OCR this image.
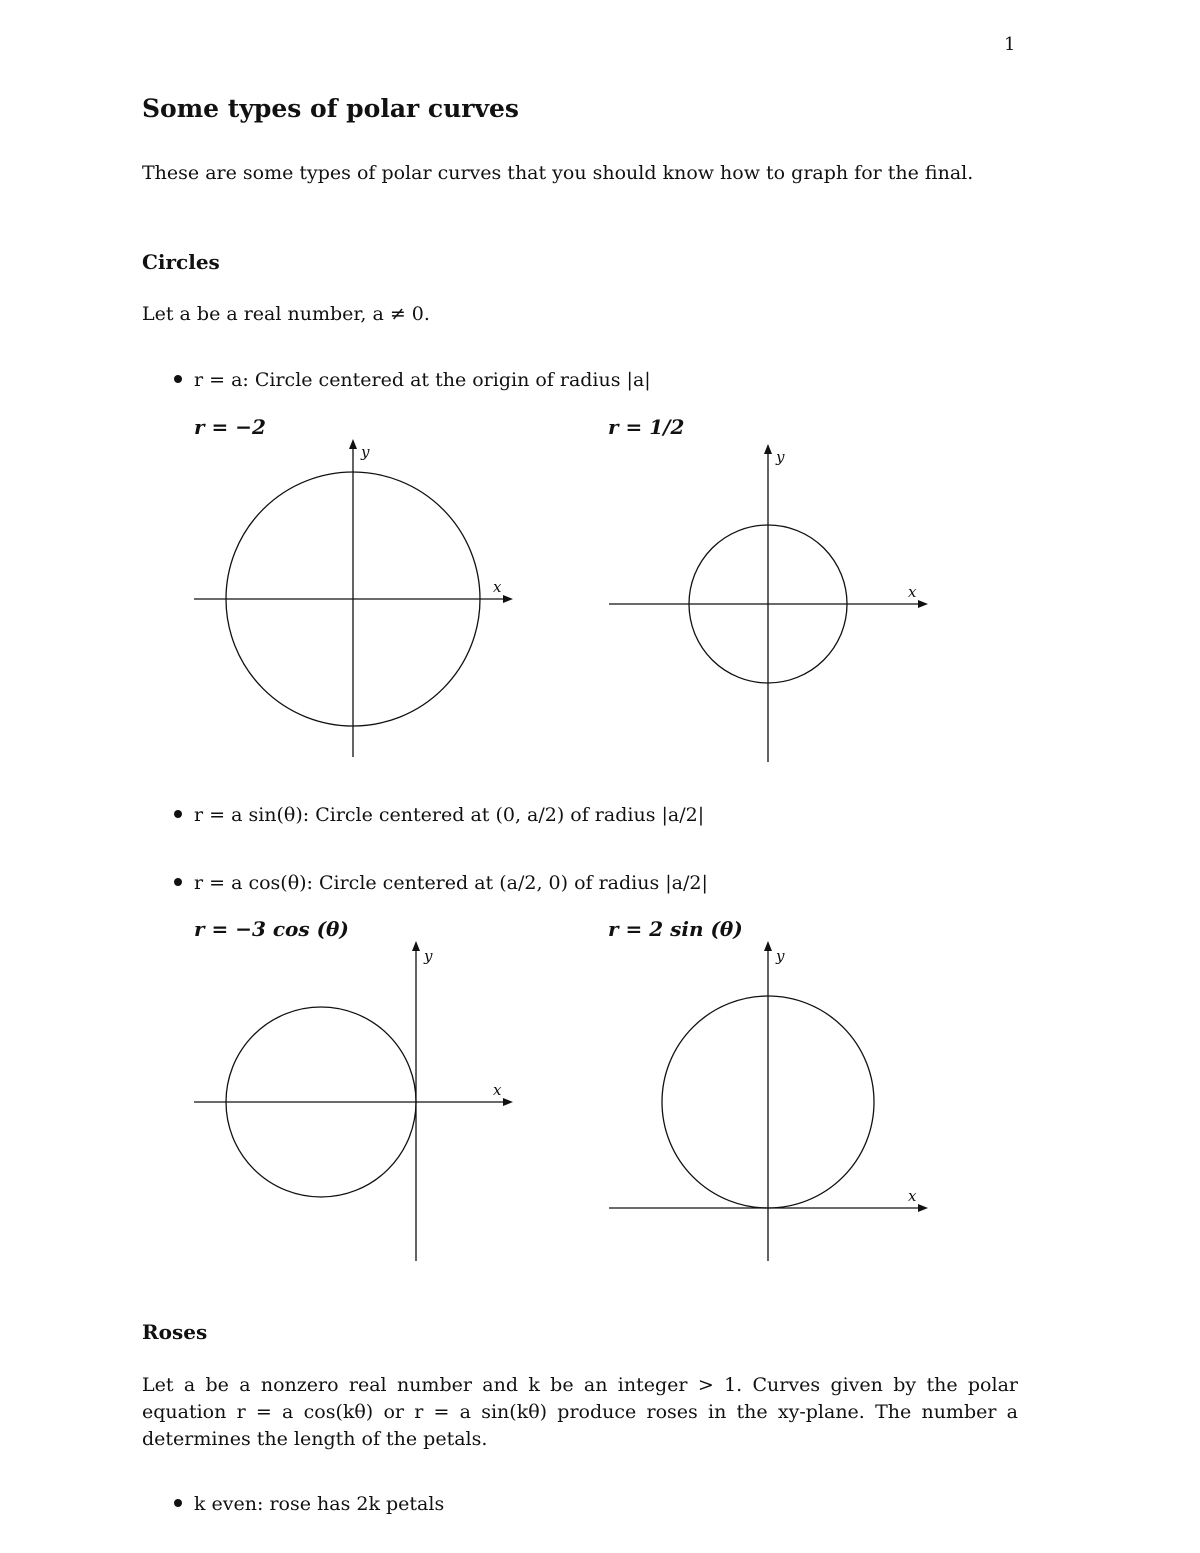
1
Some types of polar curves
These are some types of polar curves that you should know how to graph for the final.
Circles
Let a be a real number, a ≠ 0.
r = a: Circle centered at the origin of radius |a|
r = −2	r = 1/2
x
y
x
y
r = a sin(θ): Circle centered at (0, a/2) of radius |a/2|
r = a cos(θ): Circle centered at (a/2, 0) of radius |a/2|
r = −3 cos (θ)	r = 2 sin (θ)
x
y
x
y
Roses
Let a be a nonzero real number and k be an integer > 1. Curves given by the polar equation r = a cos(kθ) or r = a sin(kθ) produce roses in the xy-plane. The number a determines the length of the petals.
k even: rose has 2k petals
